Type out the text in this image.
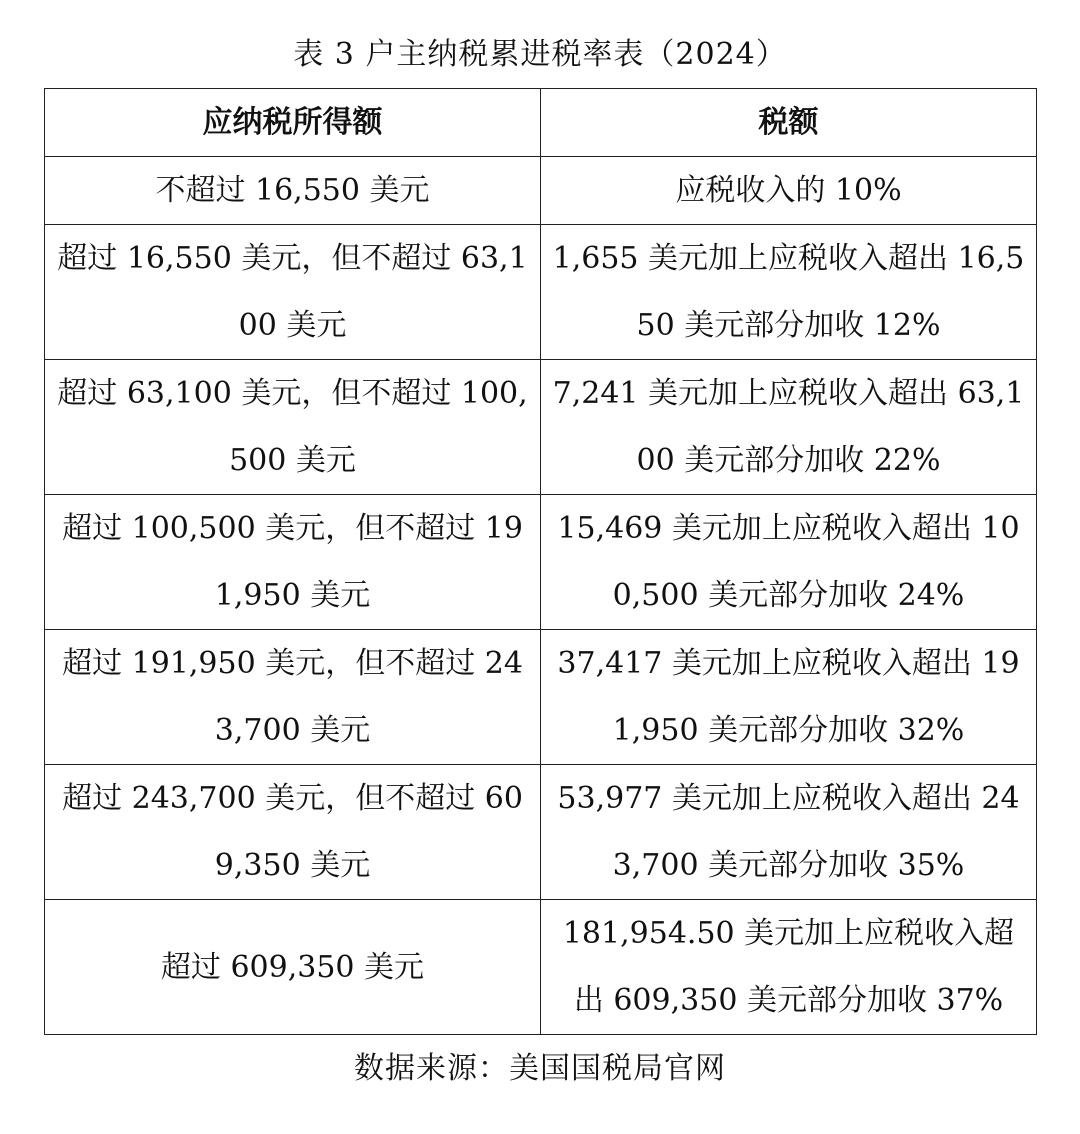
表 3 户主纳税累进税率表（2024）
应纳税所得额	税额
不超过 16,550 美元	应税收入的 10%
超过 16,550 美元，但不超过 63,100 美元	1,655 美元加上应税收入超出 16,550 美元部分加收 12%
超过 63,100 美元，但不超过 100,500 美元	7,241 美元加上应税收入超出 63,100 美元部分加收 22%
超过 100,500 美元，但不超过 191,950 美元	15,469 美元加上应税收入超出 100,500 美元部分加收 24%
超过 191,950 美元，但不超过 243,700 美元	37,417 美元加上应税收入超出 191,950 美元部分加收 32%
超过 243,700 美元，但不超过 609,350 美元	53,977 美元加上应税收入超出 243,700 美元部分加收 35%
超过 609,350 美元	181,954.50 美元加上应税收入超出 609,350 美元部分加收 37%
数据来源：美国国税局官网
